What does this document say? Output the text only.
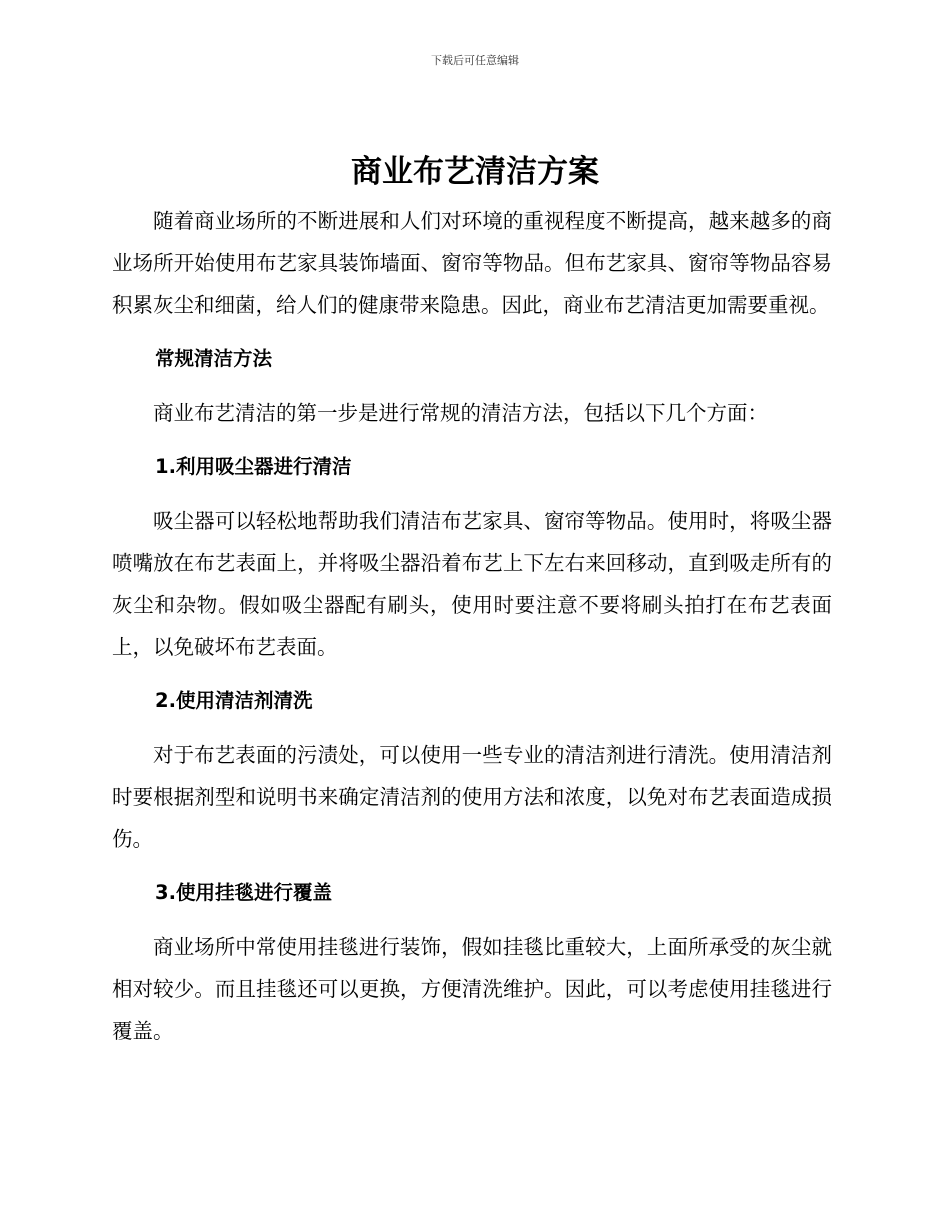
下载后可任意编辑
商业布艺清洁方案

随着商业场所的不断进展和人们对环境的重视程度不断提高，越来越多的商业场所开始使用布艺家具装饰墙面、窗帘等物品。但布艺家具、窗帘等物品容易积累灰尘和细菌，给人们的健康带来隐患。因此，商业布艺清洁更加需要重视。

常规清洁方法

商业布艺清洁的第一步是进行常规的清洁方法，包括以下几个方面：

1.利用吸尘器进行清洁

吸尘器可以轻松地帮助我们清洁布艺家具、窗帘等物品。使用时，将吸尘器喷嘴放在布艺表面上，并将吸尘器沿着布艺上下左右来回移动，直到吸走所有的灰尘和杂物。假如吸尘器配有刷头，使用时要注意不要将刷头拍打在布艺表面上，以免破坏布艺表面。

2.使用清洁剂清洗

对于布艺表面的污渍处，可以使用一些专业的清洁剂进行清洗。使用清洁剂时要根据剂型和说明书来确定清洁剂的使用方法和浓度，以免对布艺表面造成损伤。

3.使用挂毯进行覆盖

商业场所中常使用挂毯进行装饰，假如挂毯比重较大，上面所承受的灰尘就相对较少。而且挂毯还可以更换，方便清洗维护。因此，可以考虑使用挂毯进行覆盖。
